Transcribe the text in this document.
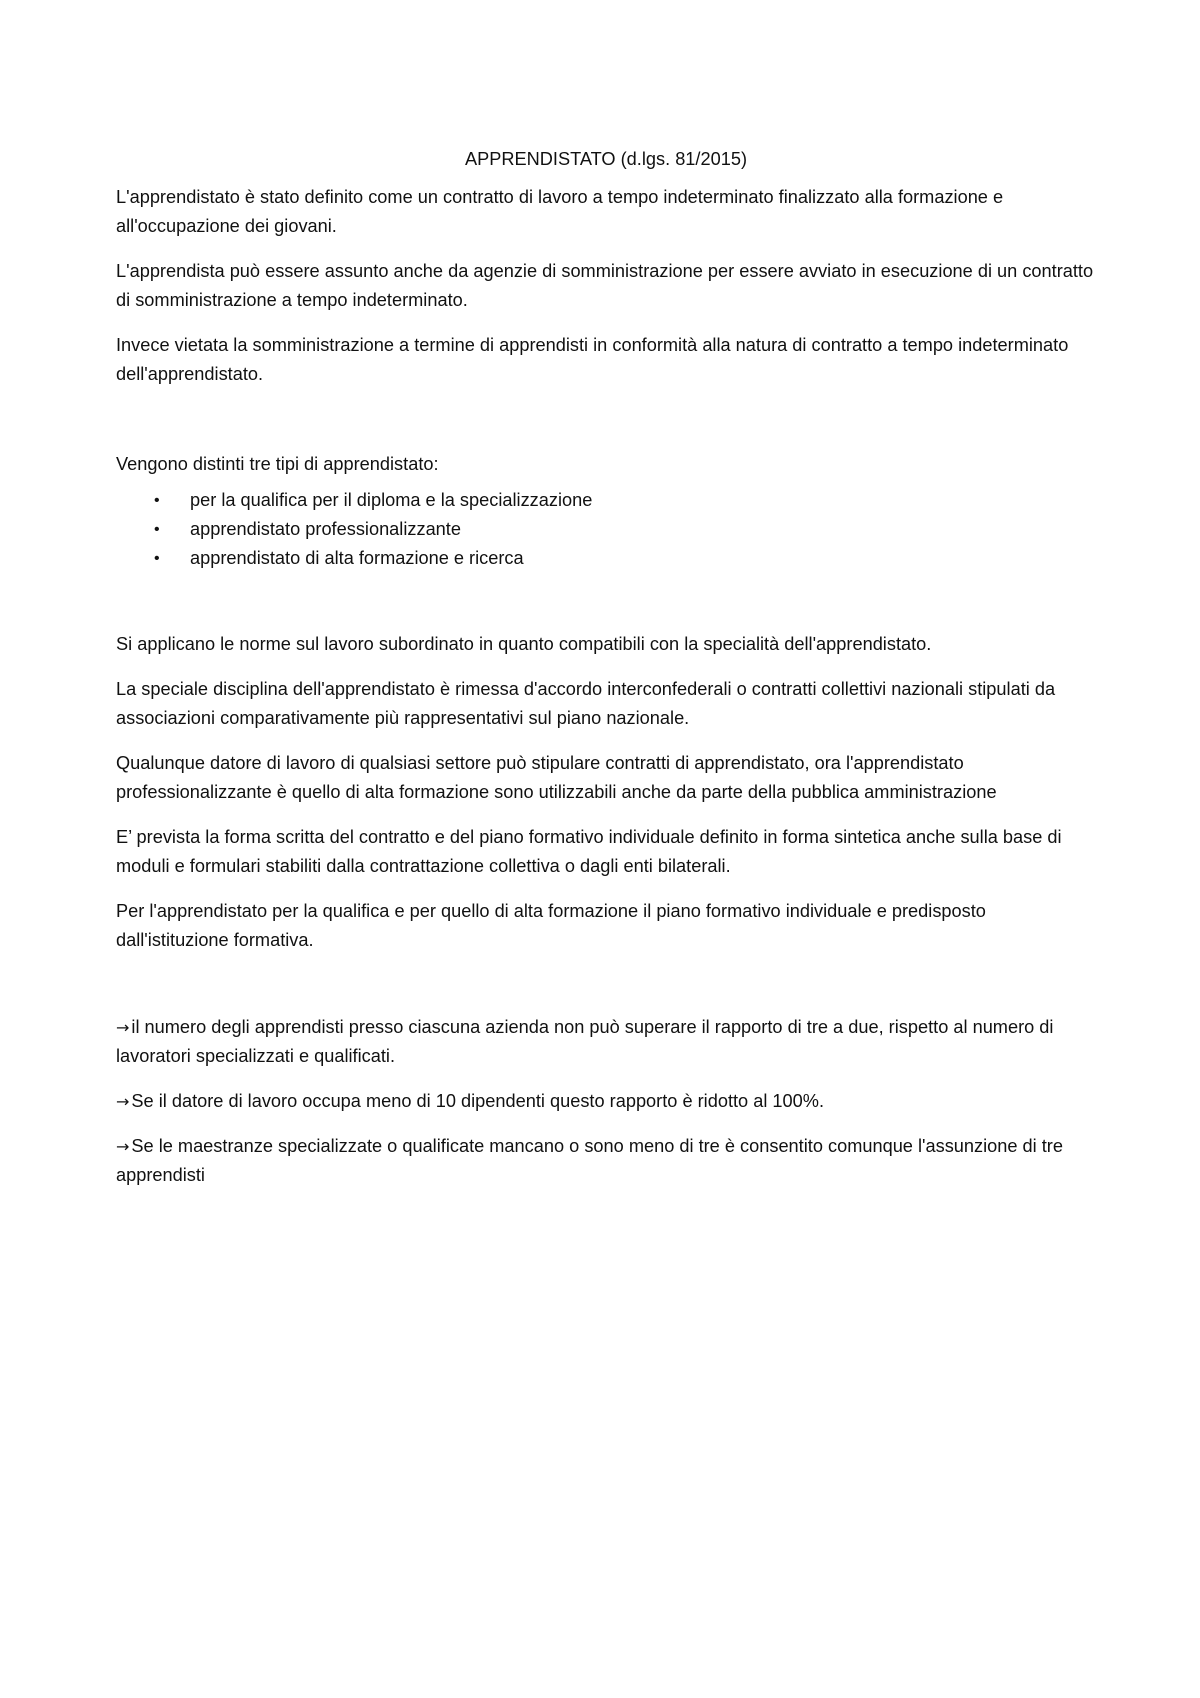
APPRENDISTATO (d.lgs. 81/2015)

L'apprendistato è stato definito come un contratto di lavoro a tempo indeterminato finalizzato alla formazione e all'occupazione dei giovani.

L'apprendista può essere assunto anche da agenzie di somministrazione per essere avviato in esecuzione di un contratto di somministrazione a tempo indeterminato.

Invece vietata la somministrazione a termine di apprendisti in conformità alla natura di contratto a tempo indeterminato dell'apprendistato.

Vengono distinti tre tipi di apprendistato:

• per la qualifica per il diploma e la specializzazione
• apprendistato professionalizzante
• apprendistato di alta formazione e ricerca

Si applicano le norme sul lavoro subordinato in quanto compatibili con la specialità dell'apprendistato.

La speciale disciplina dell'apprendistato è rimessa d'accordo interconfederali o contratti collettivi nazionali stipulati da associazioni comparativamente più rappresentativi sul piano nazionale.

Qualunque datore di lavoro di qualsiasi settore può stipulare contratti di apprendistato, ora l'apprendistato professionalizzante è quello di alta formazione sono utilizzabili anche da parte della pubblica amministrazione

E’ prevista la forma scritta del contratto e del piano formativo individuale definito in forma sintetica anche sulla base di moduli e formulari stabiliti dalla contrattazione collettiva o dagli enti bilaterali.

Per l'apprendistato per la qualifica e per quello di alta formazione il piano formativo individuale e predisposto dall'istituzione formativa.

→ il numero degli apprendisti presso ciascuna azienda non può superare il rapporto di tre a due, rispetto al numero di lavoratori specializzati e qualificati.

→ Se il datore di lavoro occupa meno di 10 dipendenti questo rapporto è ridotto al 100%.

→ Se le maestranze specializzate o qualificate mancano o sono meno di tre è consentito comunque l'assunzione di tre apprendisti
